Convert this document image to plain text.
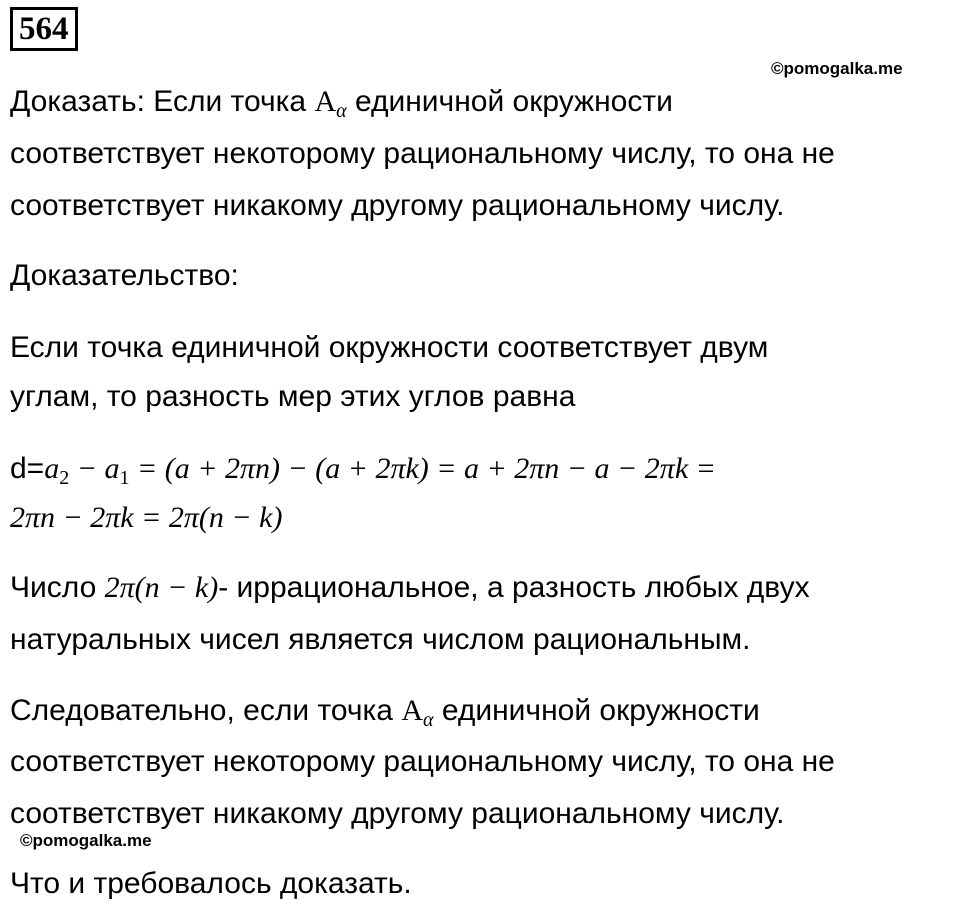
564
©pomogalka.me
Доказать: Если точка $A_\alpha$ единичной окружности
соответствует некоторому рациональному числу, то она не
соответствует никакому другому рациональному числу.
Доказательство:
Если точка единичной окружности соответствует двум
углам, то разность мер этих углов равна
$d=a_2 - a_1 = (a + 2\pi n) - (a + 2\pi k) = a + 2\pi n - a - 2\pi k$ =
2πn − 2πk = 2π(n − k)
Число 2π(n − k)- иррациональное, а разность любых двух
натуральных чисел является числом рациональным.
Следовательно, если точка $A_\alpha$ единичной окружности
соответствует некоторому рациональному числу, то она не
соответствует никакому другому рациональному числу.
©pomogalka.me
Что и требовалось доказать.
